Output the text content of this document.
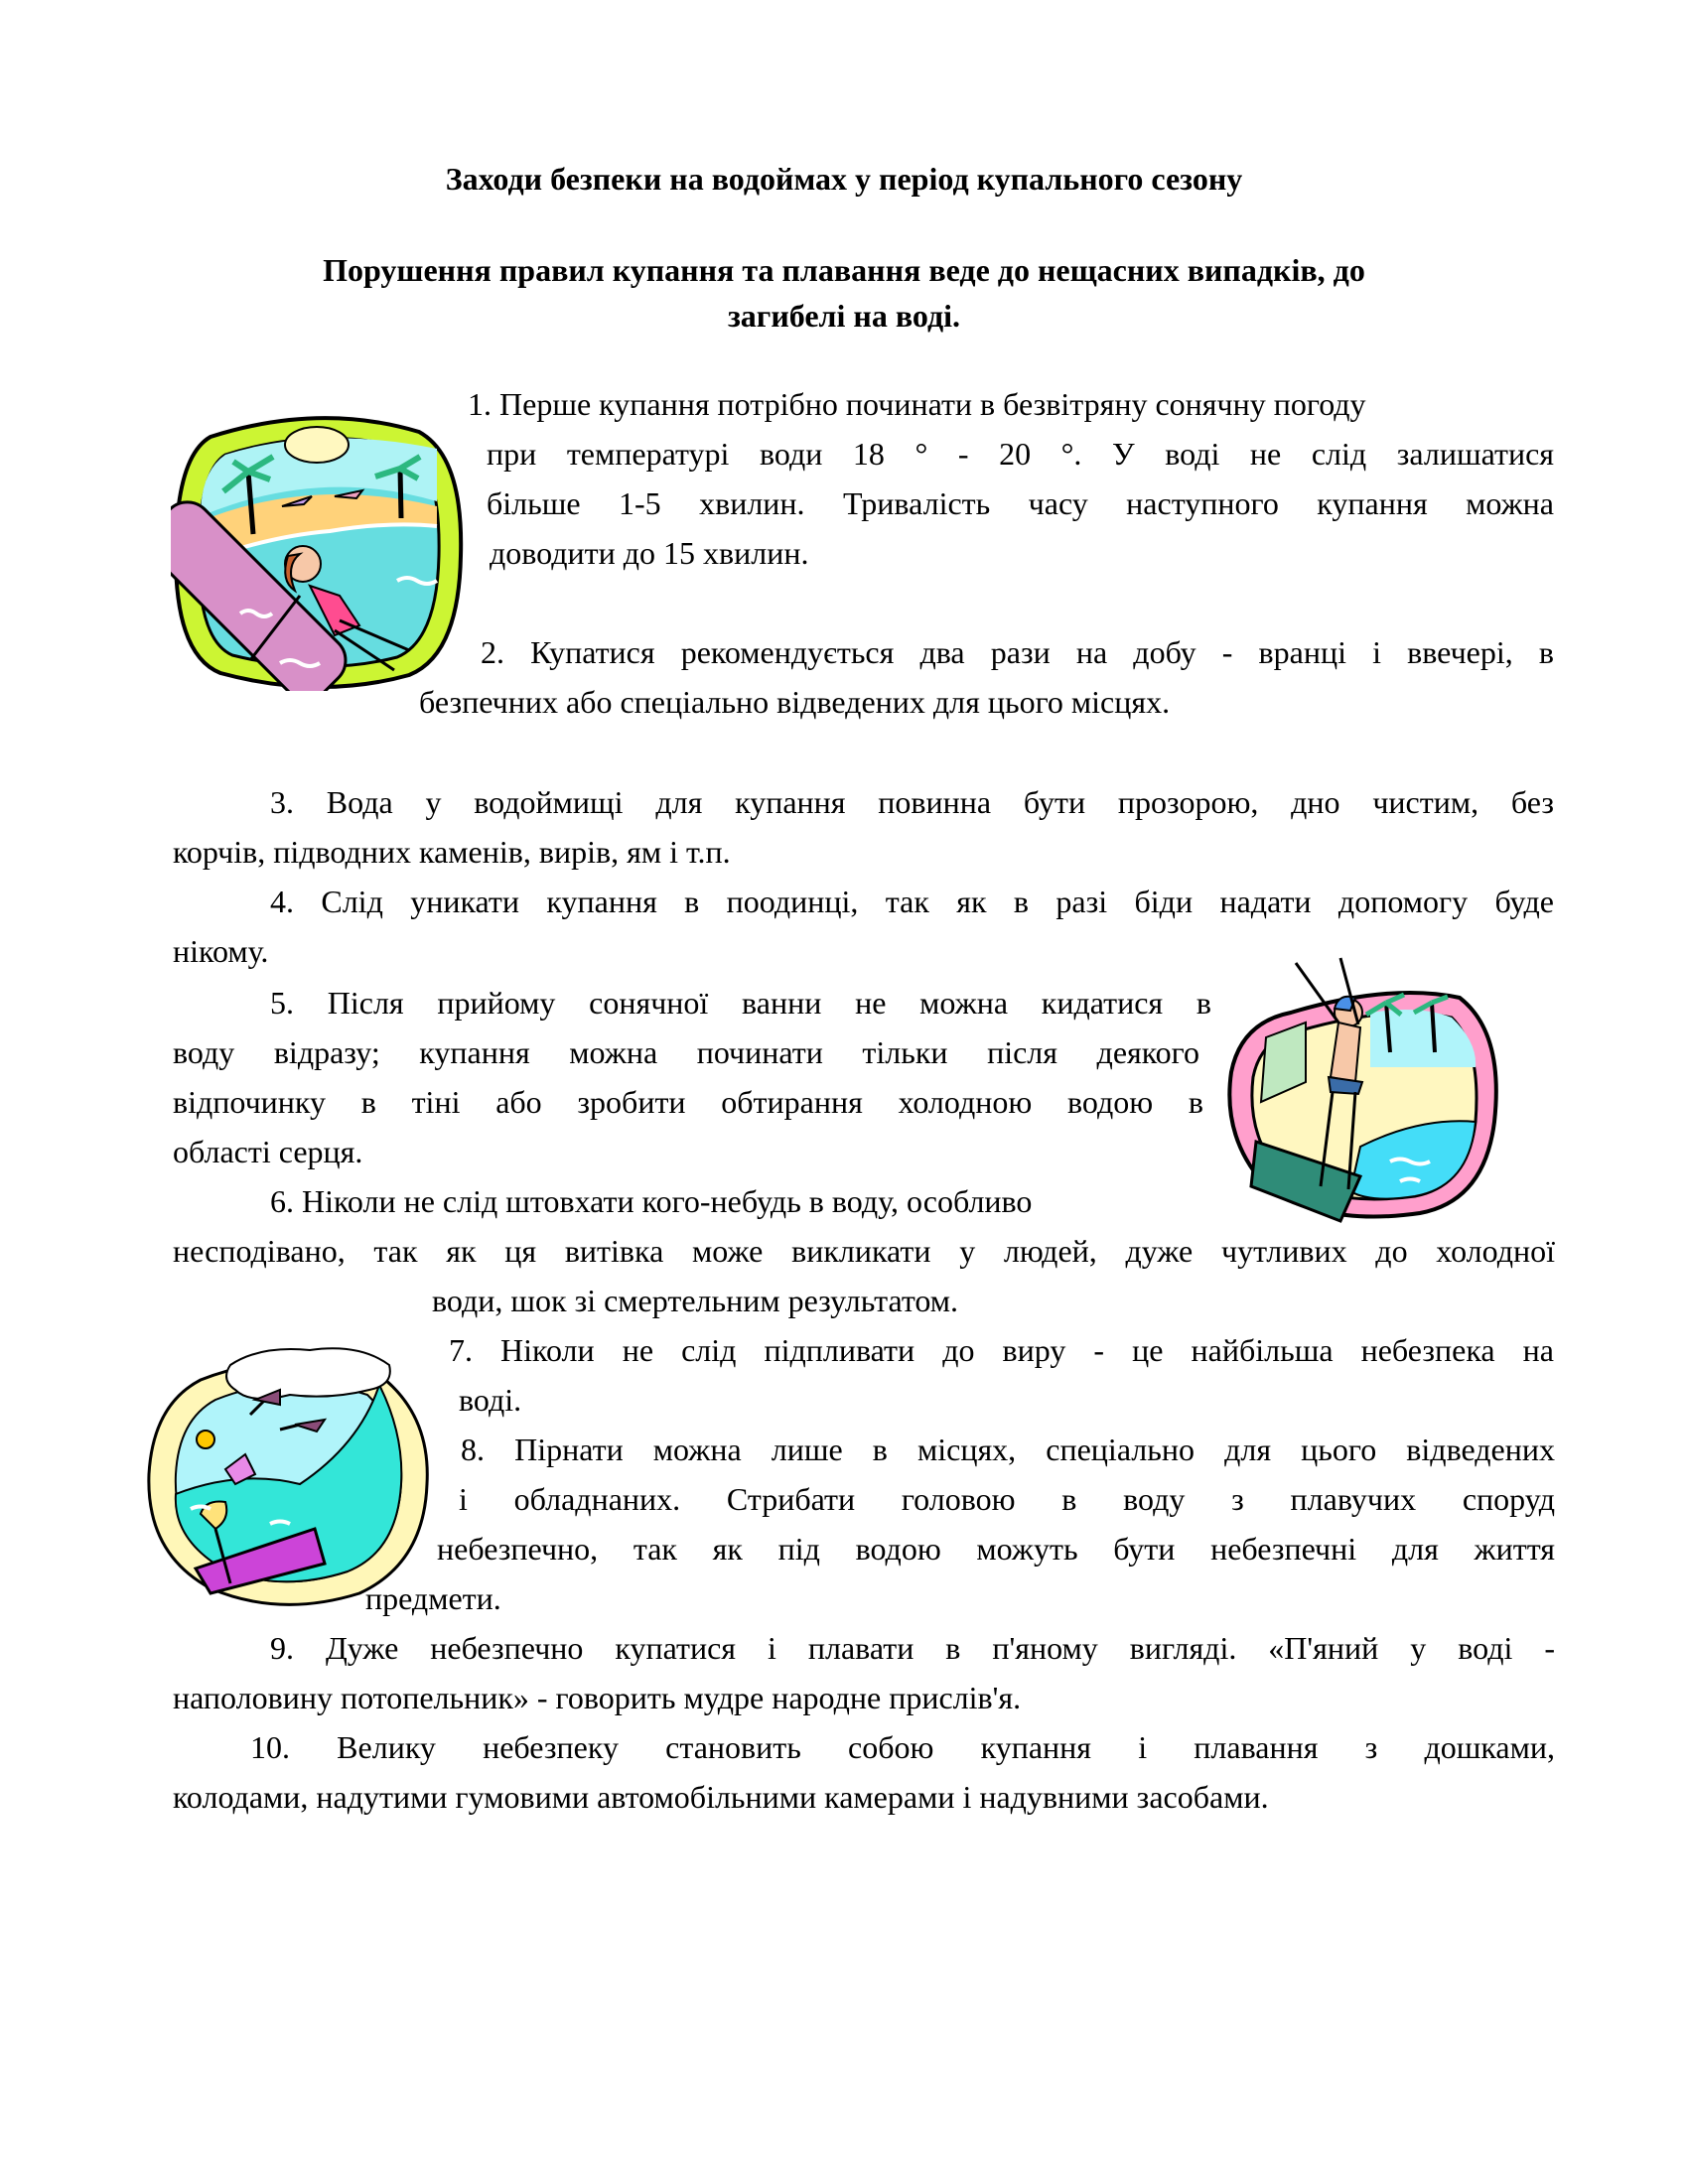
Заходи безпеки на водоймах у період купального сезону
Порушення правил купання та плавання веде до нещасних випадків, до
загибелі на воді.
1. Перше купання потрібно починати в безвітряну сонячну погоду
при температурі води 18 ° - 20 °. У воді не слід залишатися
більше 1-5 хвилин. Тривалість часу наступного купання можна
доводити до 15 хвилин.
2. Купатися рекомендується два рази на добу - вранці і ввечері, в
безпечних або спеціально відведених для цього місцях.
3. Вода у водоймищі для купання повинна бути прозорою, дно чистим, без
корчів, підводних каменів, вирів, ям і т.п.
4. Слід уникати купання в поодинці, так як в разі біди надати допомогу буде
нікому.
5. Після прийому сонячної ванни не можна кидатися в
воду відразу; купання можна починати тільки після деякого
відпочинку в тіні або зробити обтирання холодною водою в
області серця.
6. Ніколи не слід штовхати кого-небудь в воду, особливо
несподівано, так як ця витівка може викликати у людей, дуже чутливих до холодної
води, шок зі смертельним результатом.
7. Ніколи не слід підпливати до виру - це найбільша небезпека на
воді.
8. Пірнати можна лише в місцях, спеціально для цього відведених
і обладнаних. Стрибати головою в воду з плавучих споруд
небезпечно, так як під водою можуть бути небезпечні для життя
предмети.
9. Дуже небезпечно купатися і плавати в п'яному вигляді. «П'яний у воді -
наполовину потопельник» - говорить мудре народне прислів'я.
10. Велику небезпеку становить собою купання і плавання з дошками,
колодами, надутими гумовими автомобільними камерами і надувними засобами.
